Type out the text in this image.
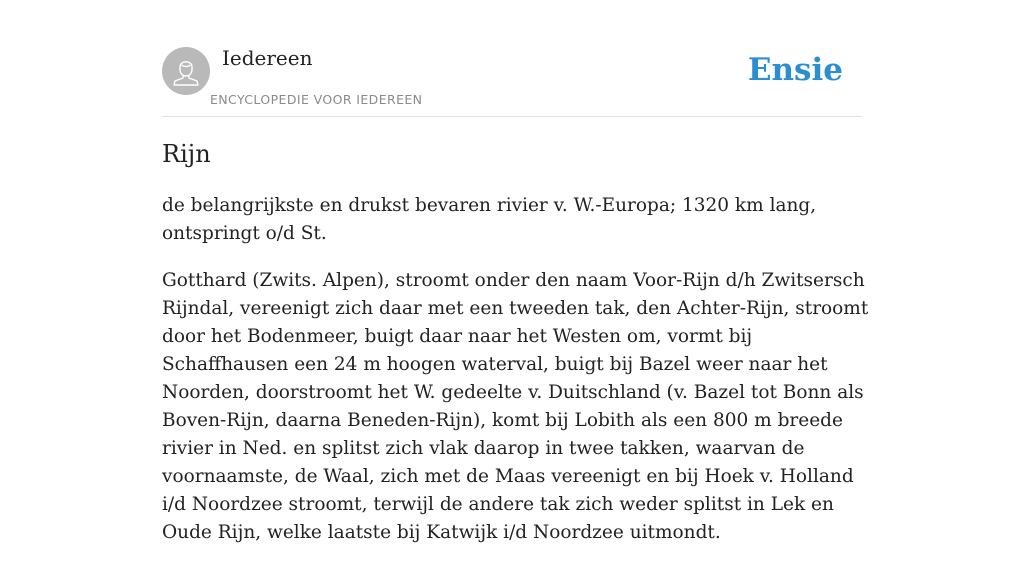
Iedereen
ENCYCLOPEDIE VOOR IEDEREEN
Ensie
Rijn

de belangrijkste en drukst bevaren rivier v. W.-Europa; 1320 km lang, ontspringt o/d St.

Gotthard (Zwits. Alpen), stroomt onder den naam Voor-Rijn d/h Zwitsersch Rijndal, vereenigt zich daar met een tweeden tak, den Achter-Rijn, stroomt door het Bodenmeer, buigt daar naar het Westen om, vormt bij Schaffhausen een 24 m hoogen waterval, buigt bij Bazel weer naar het Noorden, doorstroomt het W. gedeelte v. Duitschland (v. Bazel tot Bonn als Boven-Rijn, daarna Beneden-Rijn), komt bij Lobith als een 800 m breede rivier in Ned. en splitst zich vlak daarop in twee takken, waarvan de voornaamste, de Waal, zich met de Maas vereenigt en bij Hoek v. Holland i/d Noordzee stroomt, terwijl de andere tak zich weder splitst in Lek en Oude Rijn, welke laatste bij Katwijk i/d Noordzee uitmondt.
